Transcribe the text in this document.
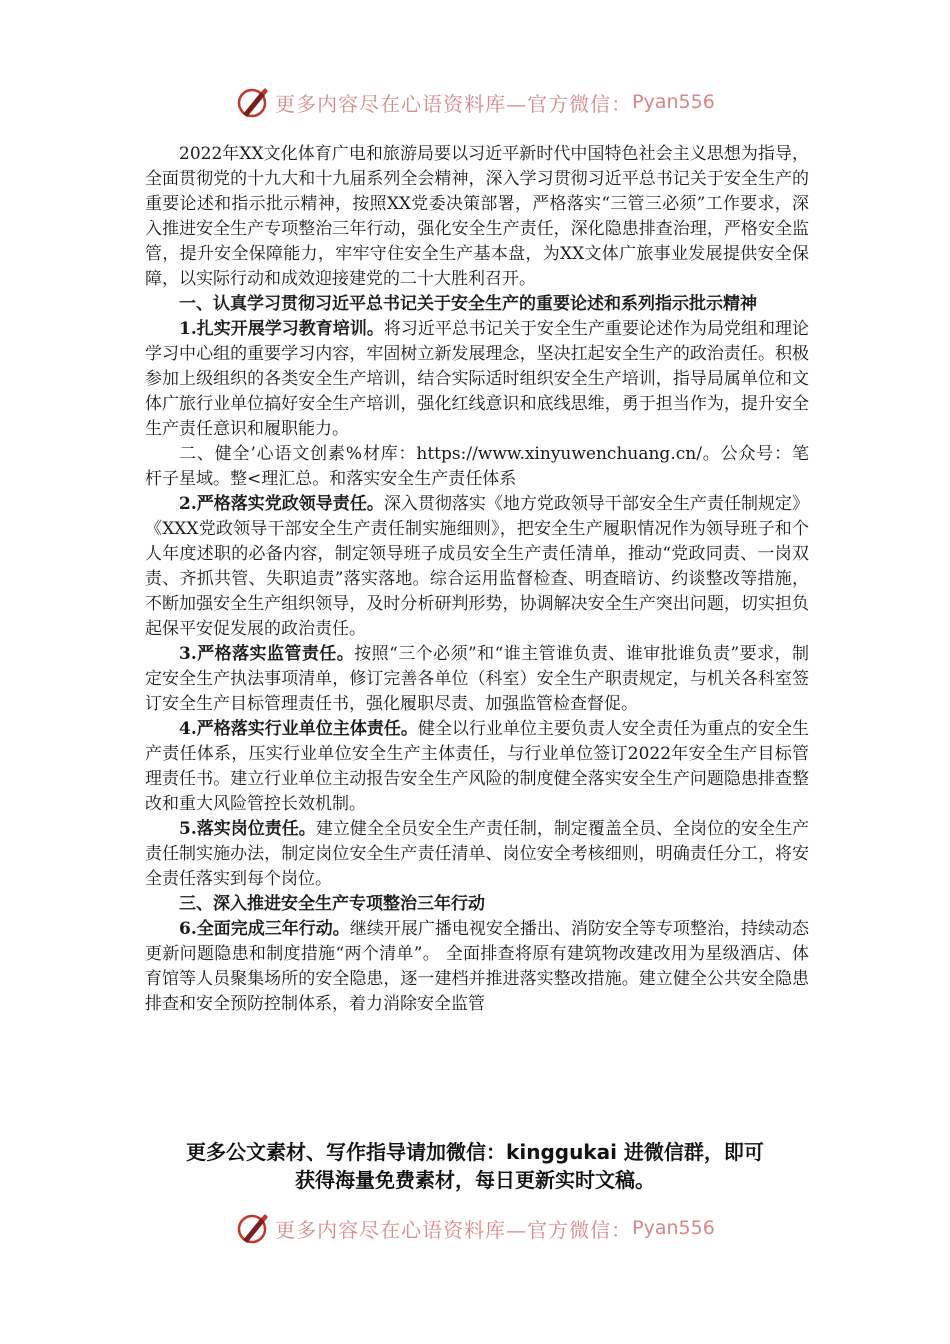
更多内容尽在心语资料库—官方微信： Pyan556

2022年XX文化体育广电和旅游局要以习近平新时代中国特色社会主义思想为指导，全面贯彻党的十九大和十九届系列全会精神，深入学习贯彻习近平总书记关于安全生产的重要论述和指示批示精神，按照XX党委决策部署，严格落实“三管三必须”工作要求，深入推进安全生产专项整治三年行动，强化安全生产责任，深化隐患排查治理，严格安全监管，提升安全保障能力，牢牢守住安全生产基本盘，为XX文体广旅事业发展提供安全保障，以实际行动和成效迎接建党的二十大胜利召开。

一、认真学习贯彻习近平总书记关于安全生产的重要论述和系列指示批示精神

1.扎实开展学习教育培训。将习近平总书记关于安全生产重要论述作为局党组和理论学习中心组的重要学习内容，牢固树立新发展理念，坚决扛起安全生产的政治责任。积极参加上级组织的各类安全生产培训，结合实际适时组织安全生产培训，指导局属单位和文体广旅行业单位搞好安全生产培训，强化红线意识和底线思维，勇于担当作为，提升安全生产责任意识和履职能力。

二、健全’心语文创素%材库：https://www.xinyuwenchuang.cn/。公众号：笔杆子星域。整<理汇总。和落实安全生产责任体系

2.严格落实党政领导责任。深入贯彻落实《地方党政领导干部安全生产责任制规定》《XXX党政领导干部安全生产责任制实施细则》，把安全生产履职情况作为领导班子和个人年度述职的必备内容，制定领导班子成员安全生产责任清单，推动“党政同责、一岗双责、齐抓共管、失职追责”落实落地。综合运用监督检查、明查暗访、约谈整改等措施，不断加强安全生产组织领导，及时分析研判形势，协调解决安全生产突出问题，切实担负起保平安促发展的政治责任。

3.严格落实监管责任。按照“三个必须”和“谁主管谁负责、谁审批谁负责”要求，制定安全生产执法事项清单，修订完善各单位（科室）安全生产职责规定，与机关各科室签订安全生产目标管理责任书，强化履职尽责、加强监管检查督促。

4.严格落实行业单位主体责任。健全以行业单位主要负责人安全责任为重点的安全生产责任体系，压实行业单位安全生产主体责任，与行业单位签订2022年安全生产目标管理责任书。建立行业单位主动报告安全生产风险的制度健全落实安全生产问题隐患排查整改和重大风险管控长效机制。

5.落实岗位责任。建立健全全员安全生产责任制，制定覆盖全员、全岗位的安全生产责任制实施办法，制定岗位安全生产责任清单、岗位安全考核细则，明确责任分工，将安全责任落实到每个岗位。

三、深入推进安全生产专项整治三年行动

6.全面完成三年行动。继续开展广播电视安全播出、消防安全等专项整治，持续动态更新问题隐患和制度措施“两个清单”。 全面排查将原有建筑物改建改用为星级酒店、体育馆等人员聚集场所的安全隐患，逐一建档并推进落实整改措施。建立健全公共安全隐患排查和安全预防控制体系，着力消除安全监管

更多公文素材、写作指导请加微信：kinggukai 进微信群，即可
获得海量免费素材，每日更新实时文稿。
更多内容尽在心语资料库—官方微信： Pyan556
